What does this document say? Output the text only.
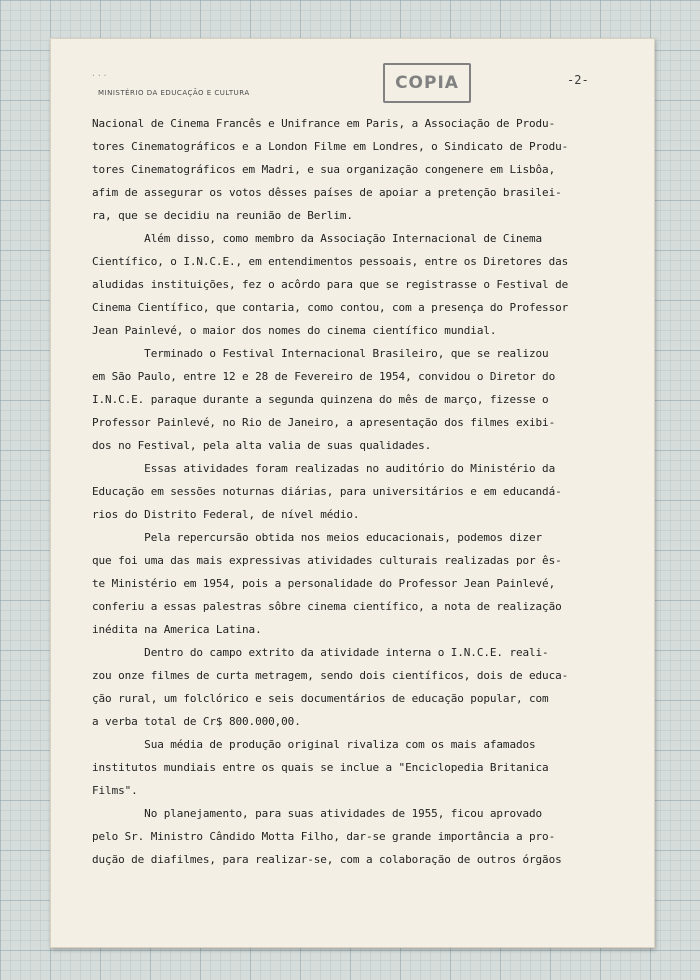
...	COPIA	-2-
MINISTÉRIO DA EDUCAÇÃO E CULTURA
Nacional de Cinema Francês e Unifrance em Paris, a Associação de Produ-
tores Cinematográficos e a London Filme em Londres, o Sindicato de Produ-
tores Cinematográficos em Madri, e sua organização congenere em Lisbôa,
afim de assegurar os votos dêsses países de apoiar a pretenção brasilei-
ra, que se decidiu na reunião de Berlim.
Além disso, como membro da Associação Internacional de Cinema
Científico, o I.N.C.E., em entendimentos pessoais, entre os Diretores das
aludidas instituições, fez o acôrdo para que se registrasse o Festival de
Cinema Científico, que contaria, como contou, com a presença do Professor
Jean Painlevé, o maior dos nomes do cinema científico mundial.
Terminado o Festival Internacional Brasileiro, que se realizou
em São Paulo, entre 12 e 28 de Fevereiro de 1954, convidou o Diretor do
I.N.C.E. paraque durante a segunda quinzena do mês de março, fizesse o
Professor Painlevé, no Rio de Janeiro, a apresentação dos filmes exibi-
dos no Festival, pela alta valia de suas qualidades.
Essas atividades foram realizadas no auditório do Ministério da
Educação em sessões noturnas diárias, para universitários e em educandá-
rios do Distrito Federal, de nível médio.
Pela repercursão obtida nos meios educacionais, podemos dizer
que foi uma das mais expressivas atividades culturais realizadas por ês-
te Ministério em 1954, pois a personalidade do Professor Jean Painlevé,
conferiu a essas palestras sôbre cinema científico, a nota de realização
inédita na America Latina.
Dentro do campo extrito da atividade interna o I.N.C.E. reali-
zou onze filmes de curta metragem, sendo dois científicos, dois de educa-
ção rural, um folclórico e seis documentários de educação popular, com
a verba total de Cr$ 800.000,00.
Sua média de produção original rivaliza com os mais afamados
institutos mundiais entre os quais se inclue a "Enciclopedia Britanica
Films".
No planejamento, para suas atividades de 1955, ficou aprovado
pelo Sr. Ministro Cândido Motta Filho, dar-se grande importância a pro-
dução de diafilmes, para realizar-se, com a colaboração de outros órgãos
